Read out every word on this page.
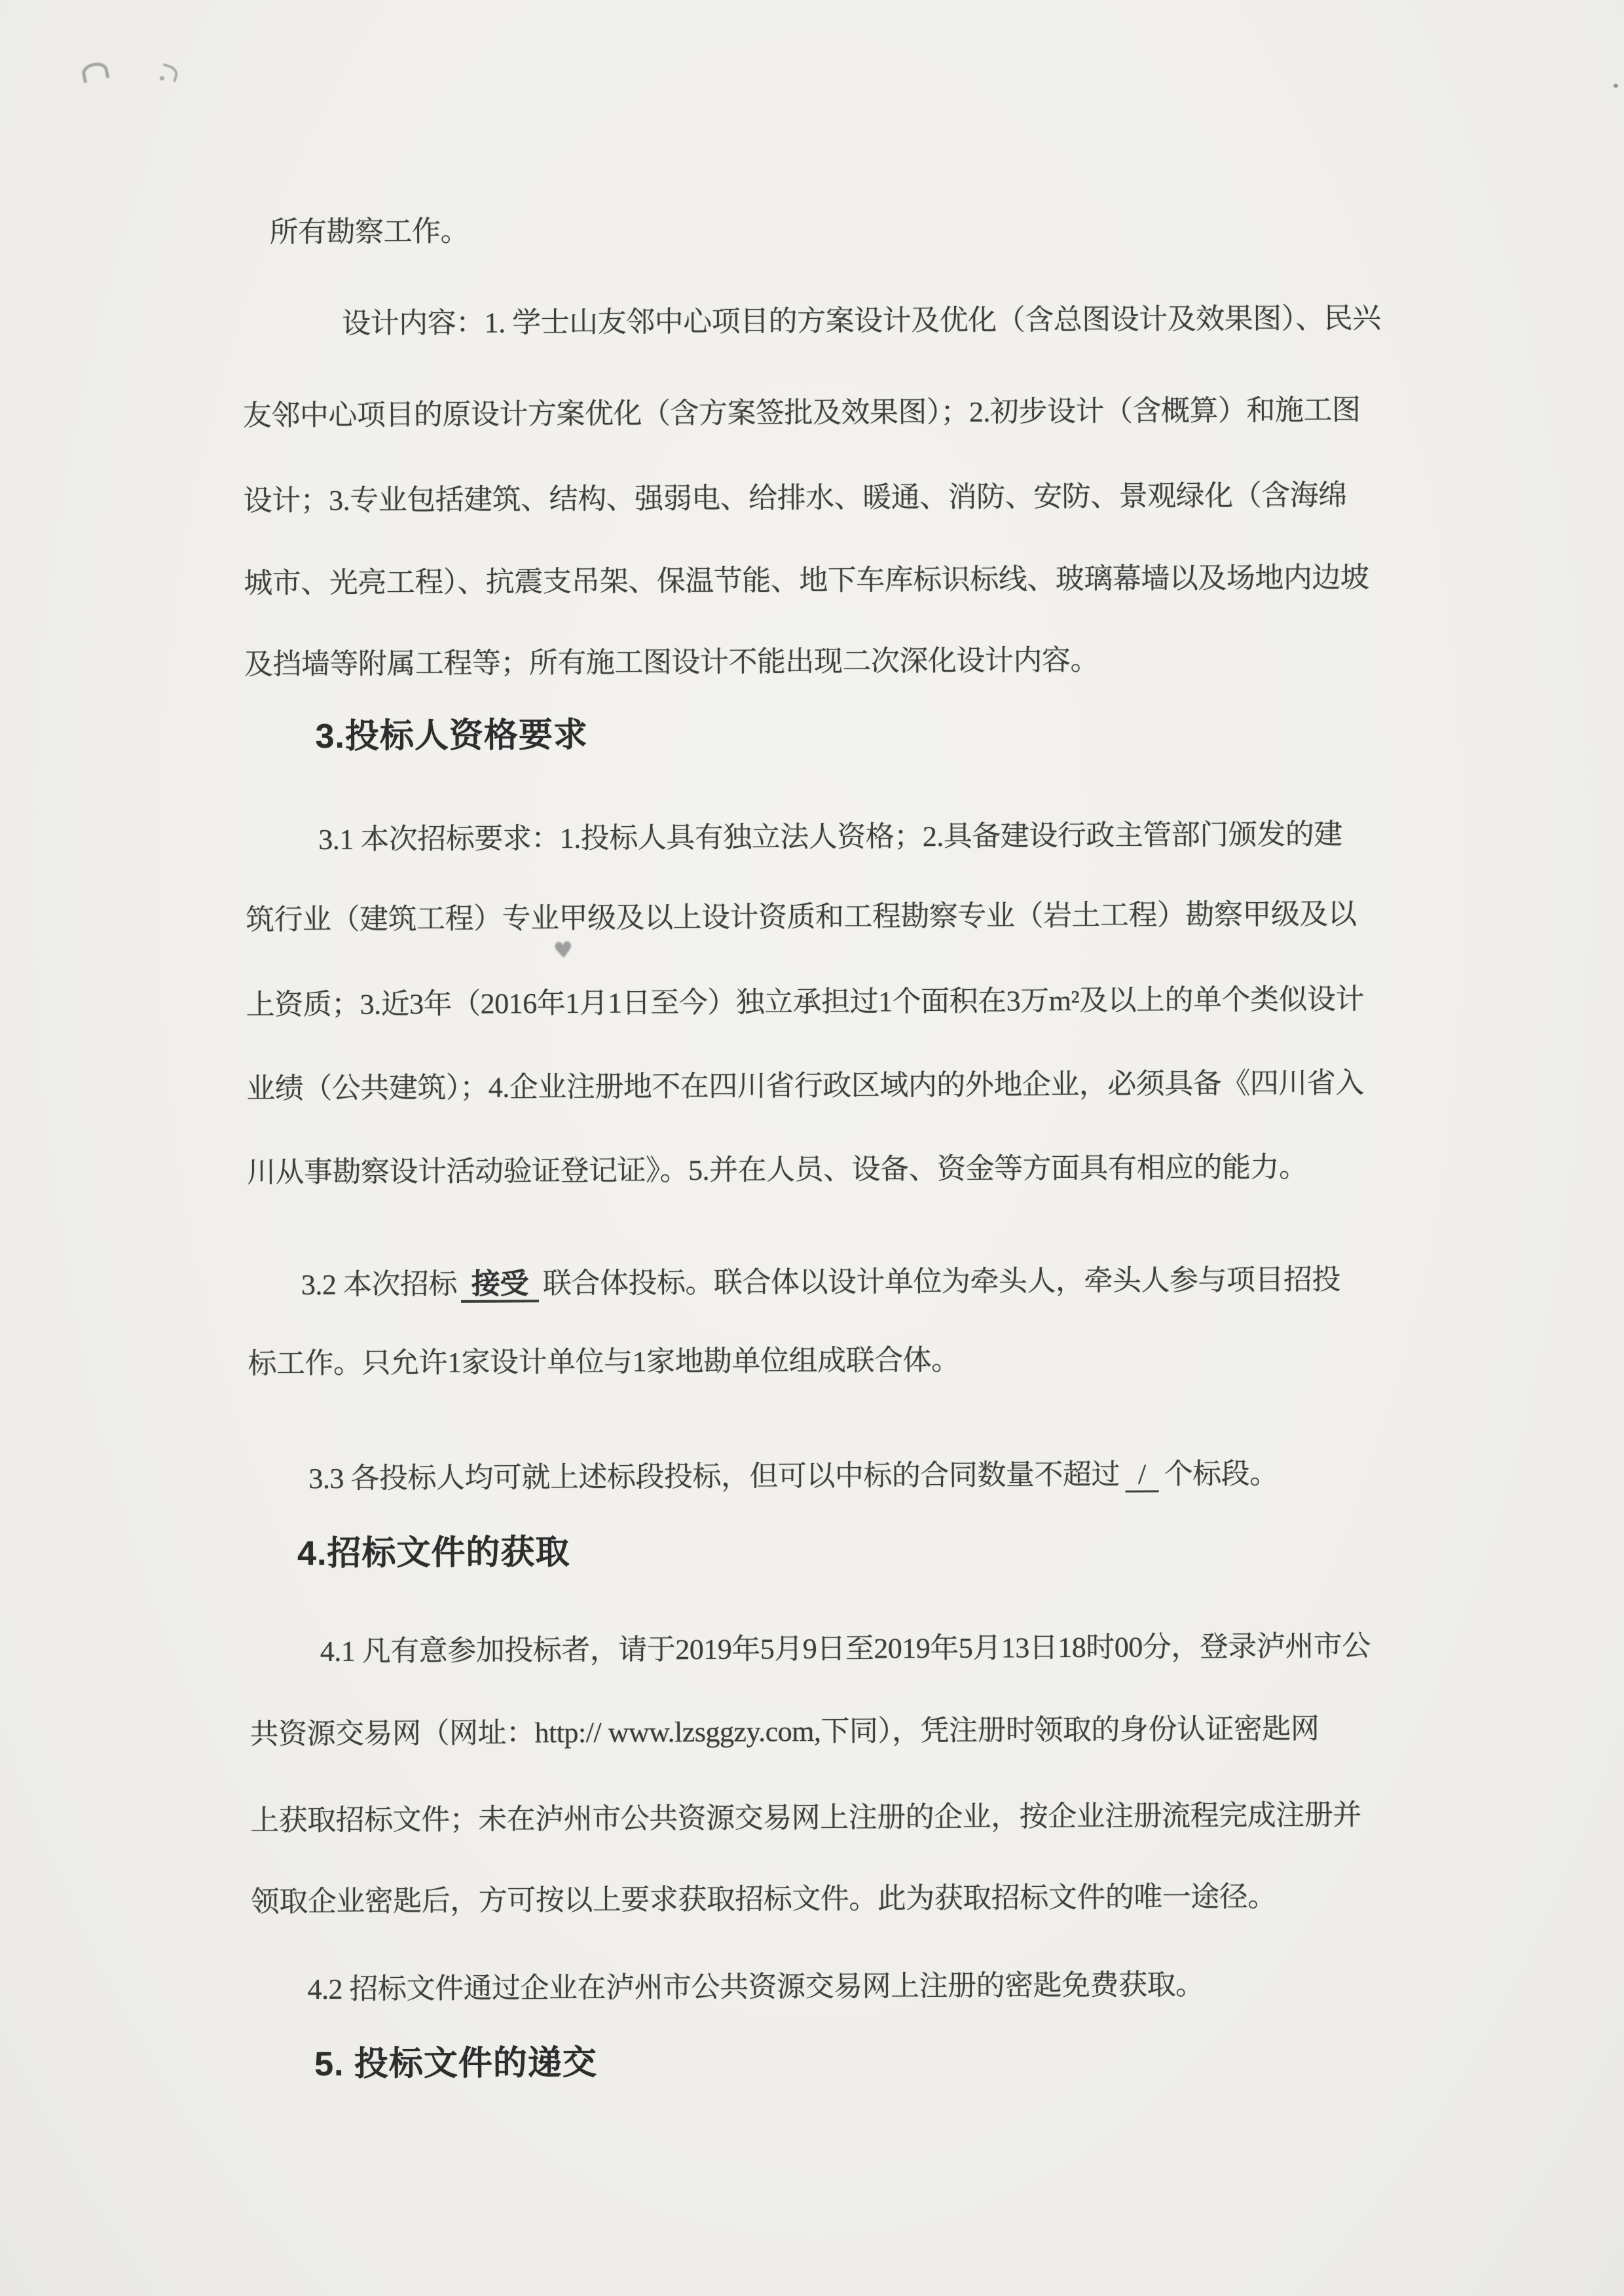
♥
所有勘察工作。
设计内容：1. 学士山友邻中心项目的方案设计及优化（含总图设计及效果图）、民兴
友邻中心项目的原设计方案优化（含方案签批及效果图）；2.初步设计（含概算）和施工图
设计；3.专业包括建筑、结构、强弱电、给排水、暖通、消防、安防、景观绿化（含海绵
城市、光亮工程）、抗震支吊架、保温节能、地下车库标识标线、玻璃幕墙以及场地内边坡
及挡墙等附属工程等；所有施工图设计不能出现二次深化设计内容。
3.投标人资格要求
3.1 本次招标要求：1.投标人具有独立法人资格；2.具备建设行政主管部门颁发的建
筑行业（建筑工程）专业甲级及以上设计资质和工程勘察专业（岩土工程）勘察甲级及以
上资质；3.近3年（2016年1月1日至今）独立承担过1个面积在3万m²及以上的单个类似设计
业绩（公共建筑）；4.企业注册地不在四川省行政区域内的外地企业，必须具备《四川省入
川从事勘察设计活动验证登记证》。5.并在人员、设备、资金等方面具有相应的能力。
3.2 本次招标 接受 联合体投标。联合体以设计单位为牵头人，牵头人参与项目招投
标工作。只允许1家设计单位与1家地勘单位组成联合体。
3.3 各投标人均可就上述标段投标，但可以中标的合同数量不超过 / 个标段。
4.招标文件的获取
4.1 凡有意参加投标者，请于2019年5月9日至2019年5月13日18时00分，登录泸州市公
共资源交易网（网址：http:// www.lzsggzy.com,下同），凭注册时领取的身份认证密匙网
上获取招标文件；未在泸州市公共资源交易网上注册的企业，按企业注册流程完成注册并
领取企业密匙后，方可按以上要求获取招标文件。此为获取招标文件的唯一途径。
4.2 招标文件通过企业在泸州市公共资源交易网上注册的密匙免费获取。
5. 投标文件的递交
